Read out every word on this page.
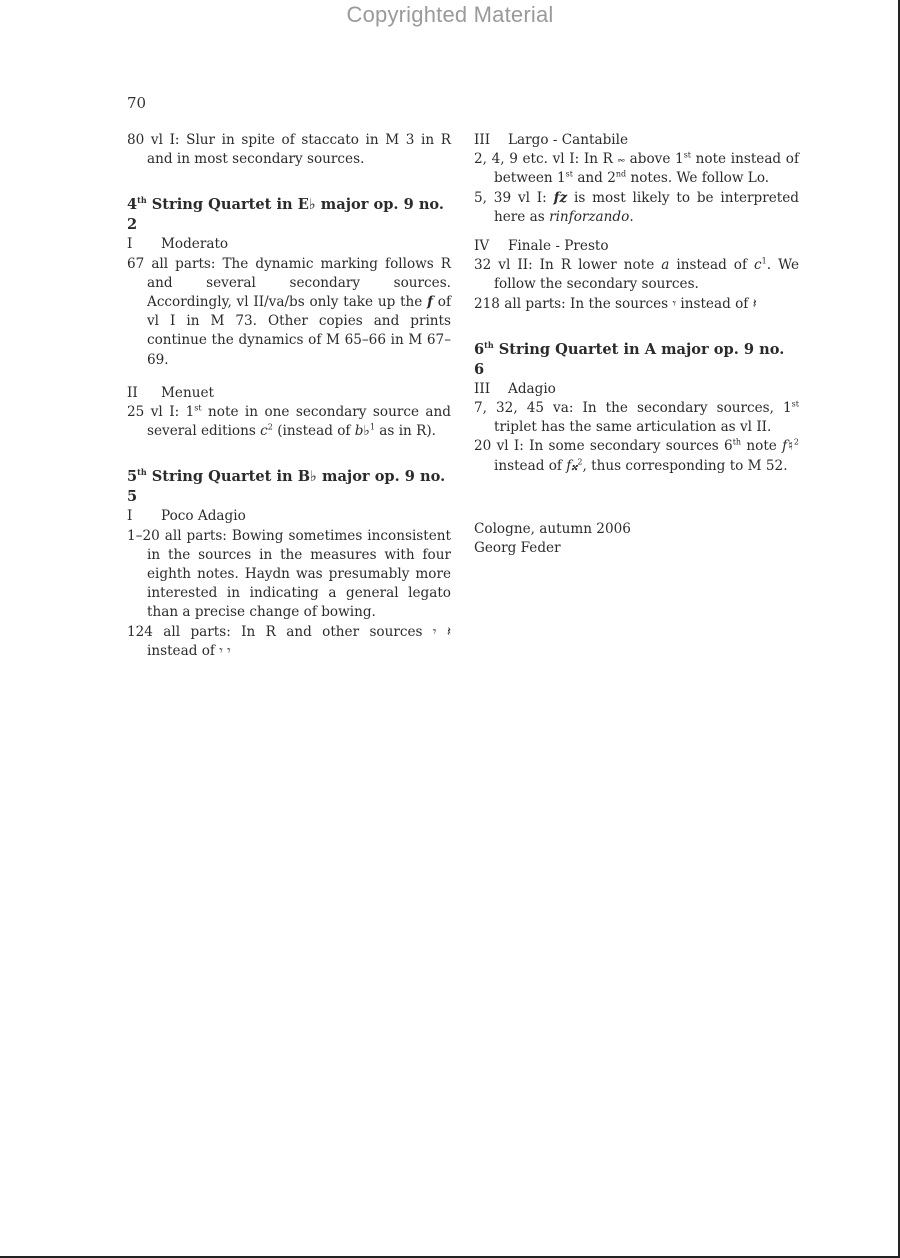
Copyrighted Material
70

80 vl I: Slur in spite of staccato in M 3 in R and in most secondary sources.

4th String Quartet in E♭ major op. 9 no. 2

I Moderato

67 all parts: The dynamic marking follows R and several secondary sources. Accordingly, vl II/va/bs only take up the f of vl I in M 73. Other copies and prints continue the dynamics of M 65–66 in M 67–69.

II Menuet

25 vl I: 1st note in one secondary source and several editions $c^2$ (instead of b♭$^1$ as in R).

5th String Quartet in B♭ major op. 9 no. 5

I Poco Adagio

1–20 all parts: Bowing sometimes inconsistent in the sources in the measures with four eighth notes. Haydn was presumably more interested in indicating a general legato than a precise change of bowing.

124 all parts: In R and other sources 𝄾 𝄽 instead of 𝄾 𝄾

III Largo - Cantabile

2, 4, 9 etc. vl I: In R 𝆗 above 1st note instead of between 1st and 2nd notes. We follow Lo.

5, 39 vl I: fz is most likely to be interpreted here as rinforzando.

IV Finale - Presto

32 vl II: In R lower note a instead of $c^1$. We follow the secondary sources.

218 all parts: In the sources 𝄾 instead of 𝄽

6th String Quartet in A major op. 9 no. 6

III Adagio

7, 32, 45 va: In the secondary sources, 1st triplet has the same articulation as vl II.

20 vl I: In some secondary sources 6th note f♮$^2$ instead of f𝄪$^2$, thus corresponding to M 52.

Cologne, autumn 2006

Georg Feder
